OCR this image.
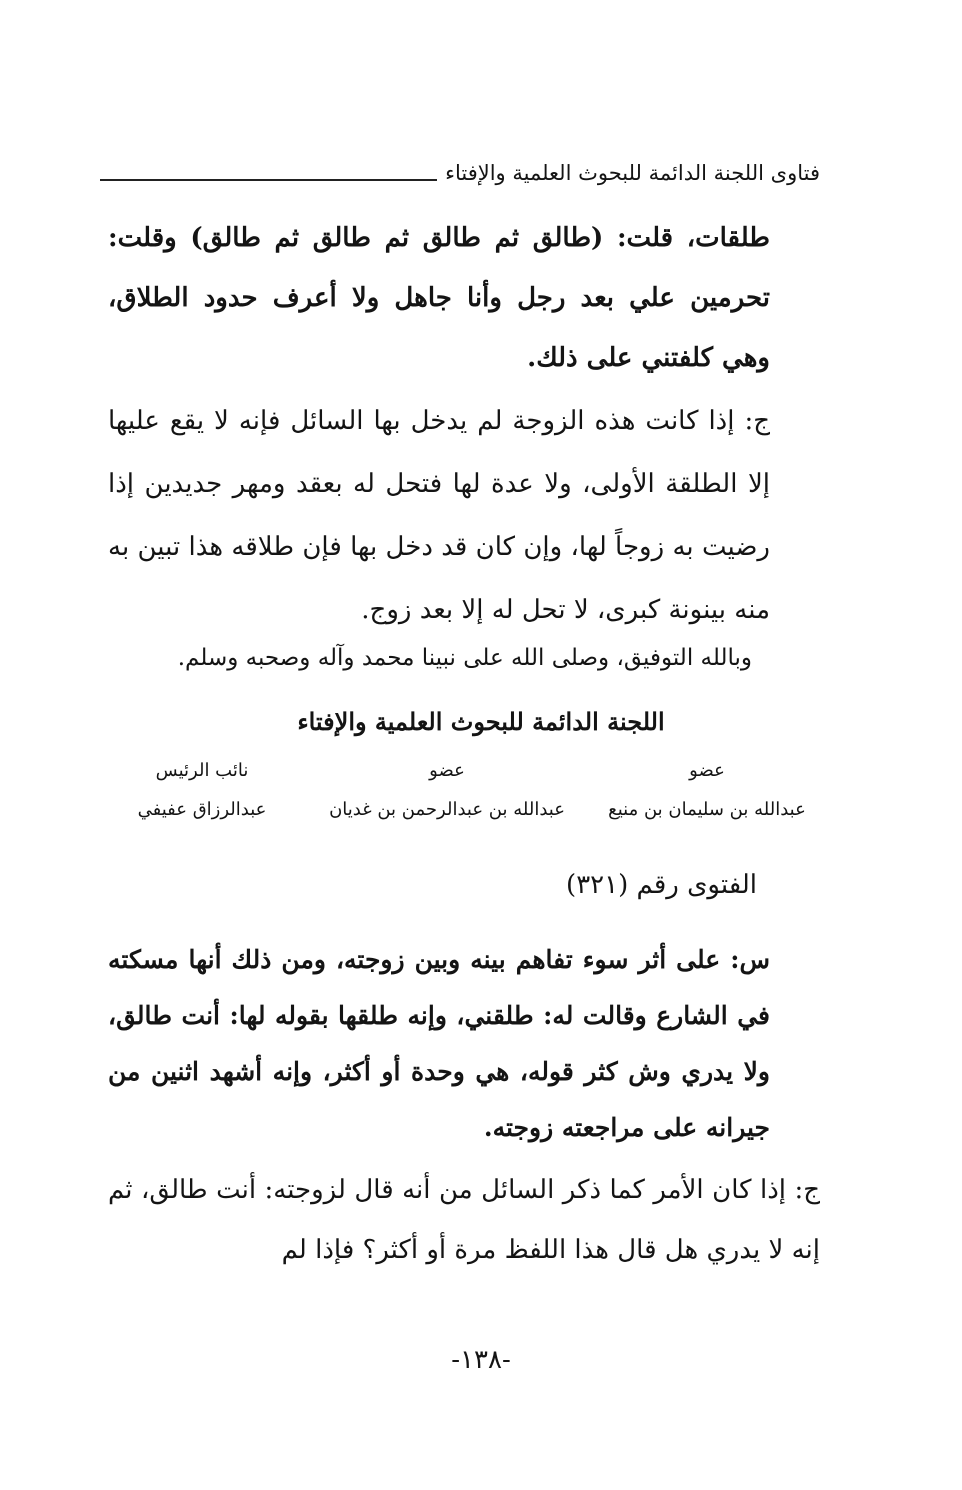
فتاوى اللجنة الدائمة للبحوث العلمية والإفتاء

طلقات، قلت: (طالق ثم طالق ثم طالق ثم طالق) وقلت: تحرمين علي بعد رجل وأنا جاهل ولا أعرف حدود الطلاق، وهي كلفتني على ذلك.

ج: إذا كانت هذه الزوجة لم يدخل بها السائل فإنه لا يقع عليها إلا الطلقة الأولى، ولا عدة لها فتحل له بعقد ومهر جديدين إذا رضيت به زوجاً لها، وإن كان قد دخل بها فإن طلاقه هذا تبين به منه بينونة كبرى، لا تحل له إلا بعد زوج.

وبالله التوفيق، وصلى الله على نبينا محمد وآله وصحبه وسلم.
اللجنة الدائمة للبحوث العلمية والإفتاء
عضو
عبدالله بن سليمان بن منيع
عضو
عبدالله بن عبدالرحمن بن غديان
نائب الرئيس
عبدالرزاق عفيفي
الفتوى رقم (٣٢١)

س: على أثر سوء تفاهم بينه وبين زوجته، ومن ذلك أنها مسكته في الشارع وقالت له: طلقني، وإنه طلقها بقوله لها: أنت طالق، ولا يدري وش كثر قوله، هي وحدة أو أكثر، وإنه أشهد اثنين من جيرانه على مراجعته زوجته.

ج: إذا كان الأمر كما ذكر السائل من أنه قال لزوجته: أنت طالق، ثم إنه لا يدري هل قال هذا اللفظ مرة أو أكثر؟ فإذا لم

-١٣٨-
